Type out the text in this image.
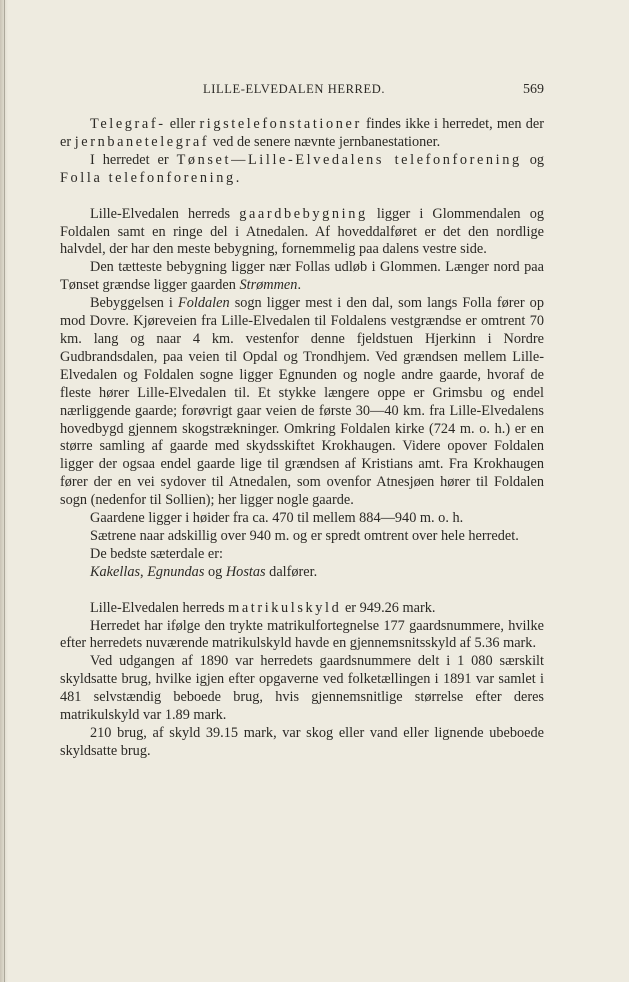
LILLE-ELVEDALEN HERRED.	569

Telegraf- eller rigstelefonstationer findes ikke i herredet, men der er jernbanetelegraf ved de senere nævnte jernbanestationer.

I herredet er Tønset—Lille-Elvedalens telefonforening og Folla telefonforening.

Lille-Elvedalen herreds gaardbebygning ligger i Glommendalen og Foldalen samt en ringe del i Atnedalen. Af hoveddalføret er det den nordlige halvdel, der har den meste bebygning, fornemmelig paa dalens vestre side.

Den tætteste bebygning ligger nær Follas udløb i Glommen. Længer nord paa Tønset grændse ligger gaarden Strømmen.

Bebyggelsen i Foldalen sogn ligger mest i den dal, som langs Folla fører op mod Dovre. Kjøreveien fra Lille-Elvedalen til Foldalens vestgrændse er omtrent 70 km. lang og naar 4 km. vestenfor denne fjeldstuen Hjerkinn i Nordre Gudbrandsdalen, paa veien til Opdal og Trondhjem. Ved grændsen mellem Lille-Elvedalen og Foldalen sogne ligger Egnunden og nogle andre gaarde, hvoraf de fleste hører Lille-Elvedalen til. Et stykke længere oppe er Grimsbu og endel nærliggende gaarde; forøvrigt gaar veien de første 30—40 km. fra Lille-Elvedalens hovedbygd gjennem skogstrækninger. Omkring Foldalen kirke (724 m. o. h.) er en større samling af gaarde med skydsskiftet Krokhaugen. Videre opover Foldalen ligger der ogsaa endel gaarde lige til grændsen af Kristians amt. Fra Krokhaugen fører der en vei sydover til Atnedalen, som ovenfor Atnesjøen hører til Foldalen sogn (nedenfor til Sollien); her ligger nogle gaarde.

Gaardene ligger i høider fra ca. 470 til mellem 884—940 m. o. h.

Sætrene naar adskillig over 940 m. og er spredt omtrent over hele herredet.

De bedste sæterdale er:

Kakellas, Egnundas og Hostas dalfører.

Lille-Elvedalen herreds matrikulskyld er 949.26 mark.

Herredet har ifølge den trykte matrikulfortegnelse 177 gaardsnummere, hvilke efter herredets nuværende matrikulskyld havde en gjennemsnitsskyld af 5.36 mark.

Ved udgangen af 1890 var herredets gaardsnummere delt i 1 080 særskilt skyldsatte brug, hvilke igjen efter opgaverne ved folketællingen i 1891 var samlet i 481 selvstændig beboede brug, hvis gjennemsnitlige størrelse efter deres matrikulskyld var 1.89 mark.

210 brug, af skyld 39.15 mark, var skog eller vand eller lignende ubeboede skyldsatte brug.
